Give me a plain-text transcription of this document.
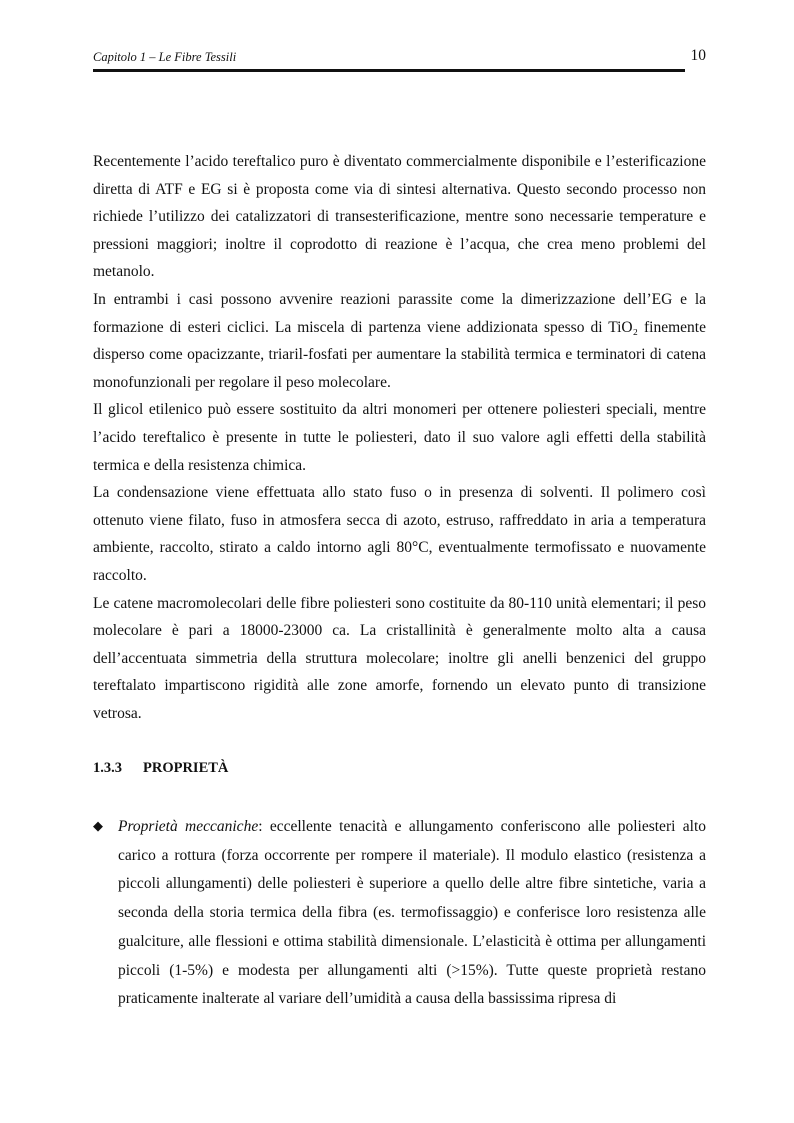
Capitolo 1 – Le Fibre Tessili	10

Recentemente l’acido tereftalico puro è diventato commercialmente disponibile e l’esterificazione diretta di ATF e EG si è proposta come via di sintesi alternativa. Questo secondo processo non richiede l’utilizzo dei catalizzatori di transesterificazione, mentre sono necessarie temperature e pressioni maggiori; inoltre il coprodotto di reazione è l’acqua, che crea meno problemi del metanolo.

In entrambi i casi possono avvenire reazioni parassite come la dimerizzazione dell’EG e la formazione di esteri ciclici. La miscela di partenza viene addizionata spesso di TiO₂ finemente disperso come opacizzante, triaril-fosfati per aumentare la stabilità termica e terminatori di catena monofunzionali per regolare il peso molecolare.

Il glicol etilenico può essere sostituito da altri monomeri per ottenere poliesteri speciali, mentre l’acido tereftalico è presente in tutte le poliesteri, dato il suo valore agli effetti della stabilità termica e della resistenza chimica.

La condensazione viene effettuata allo stato fuso o in presenza di solventi. Il polimero così ottenuto viene filato, fuso in atmosfera secca di azoto, estruso, raffreddato in aria a temperatura ambiente, raccolto, stirato a caldo intorno agli 80°C, eventualmente termofissato e nuovamente raccolto.

Le catene macromolecolari delle fibre poliesteri sono costituite da 80-110 unità elementari; il peso molecolare è pari a 18000-23000 ca. La cristallinità è generalmente molto alta a causa dell’accentuata simmetria della struttura molecolare; inoltre gli anelli benzenici del gruppo tereftalato impartiscono rigidità alle zone amorfe, fornendo un elevato punto di transizione vetrosa.

1.3.3 PROPRIETÀ
◆ Proprietà meccaniche: eccellente tenacità e allungamento conferiscono alle poliesteri alto carico a rottura (forza occorrente per rompere il materiale). Il modulo elastico (resistenza a piccoli allungamenti) delle poliesteri è superiore a quello delle altre fibre sintetiche, varia a seconda della storia termica della fibra (es. termofissaggio) e conferisce loro resistenza alle gualciture, alle flessioni e ottima stabilità dimensionale. L’elasticità è ottima per allungamenti piccoli (1-5%) e modesta per allungamenti alti (>15%). Tutte queste proprietà restano praticamente inalterate al variare dell’umidità a causa della bassissima ripresa di
